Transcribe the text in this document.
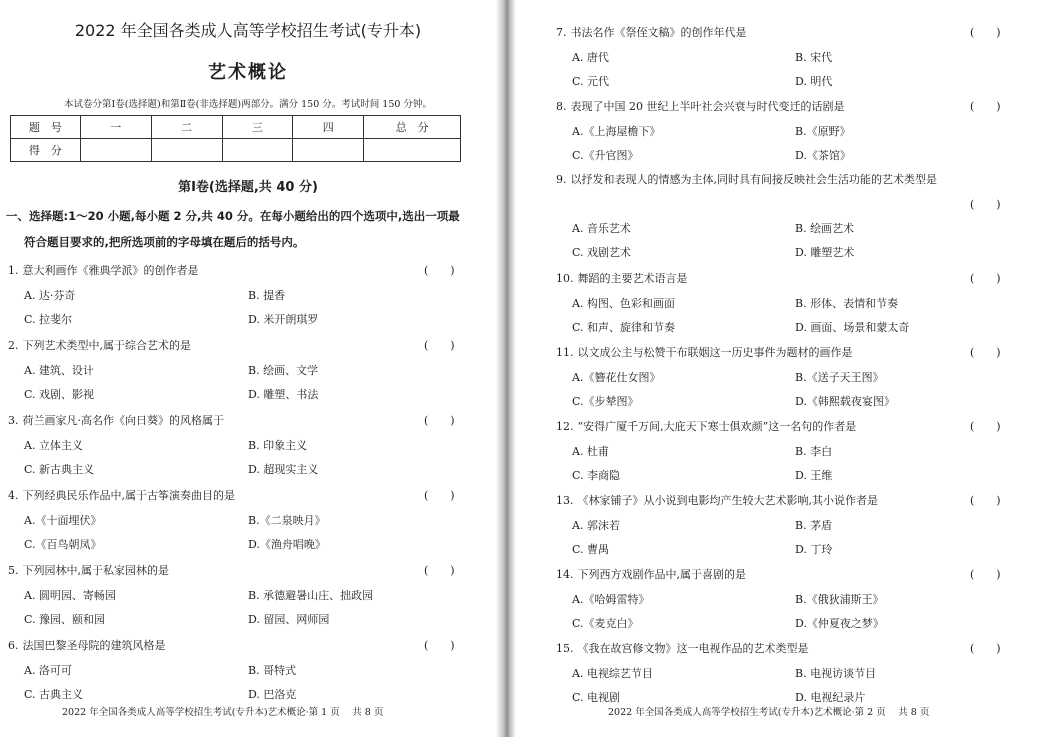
2022 年全国各类成人高等学校招生考试(专升本)
艺术概论
本试卷分第Ⅰ卷(选择题)和第Ⅱ卷(非选择题)两部分。满分 150 分。考试时间 150 分钟。
题　号	一	二	三	四	总　分
得　分					
第Ⅰ卷(选择题,共 40 分)
一、选择题:1～20 小题,每小题 2 分,共 40 分。在每小题给出的四个选项中,选出一项最
符合题目要求的,把所选项前的字母填在题后的括号内。
1. 意大利画作《雅典学派》的创作者是	(　　)
A. 达·芬奇	B. 提香
C. 拉斐尔	D. 米开朗琪罗
2. 下列艺术类型中,属于综合艺术的是	(　　)
A. 建筑、设计	B. 绘画、文学
C. 戏剧、影视	D. 雕塑、书法
3. 荷兰画家凡·高名作《向日葵》的风格属于	(　　)
A. 立体主义	B. 印象主义
C. 新古典主义	D. 超现实主义
4. 下列经典民乐作品中,属于古筝演奏曲目的是	(　　)
A.《十面埋伏》	B.《二泉映月》
C.《百鸟朝凤》	D.《渔舟唱晚》
5. 下列园林中,属于私家园林的是	(　　)
A. 圆明园、寄畅园	B. 承德避暑山庄、拙政园
C. 豫园、颐和园	D. 留园、网师园
6. 法国巴黎圣母院的建筑风格是	(　　)
A. 洛可可	B. 哥特式
C. 古典主义	D. 巴洛克
2022 年全国各类成人高等学校招生考试(专升本)艺术概论·第 1 页　 共 8 页
7. 书法名作《祭侄文稿》的创作年代是	(　　)
A. 唐代	B. 宋代
C. 元代	D. 明代
8. 表现了中国 20 世纪上半叶社会兴衰与时代变迁的话剧是	(　　)
A.《上海屋檐下》	B.《原野》
C.《升官图》	D.《茶馆》
9. 以抒发和表现人的情感为主体,同时具有间接反映社会生活功能的艺术类型是
(　　)
A. 音乐艺术	B. 绘画艺术
C. 戏剧艺术	D. 雕塑艺术
10. 舞蹈的主要艺术语言是	(　　)
A. 构图、色彩和画面	B. 形体、表情和节奏
C. 和声、旋律和节奏	D. 画面、场景和蒙太奇
11. 以文成公主与松赞干布联姻这一历史事件为题材的画作是	(　　)
A.《簪花仕女图》	B.《送子天王图》
C.《步辇图》	D.《韩熙载夜宴图》
12. “安得广厦千万间,大庇天下寒士俱欢颜”这一名句的作者是	(　　)
A. 杜甫	B. 李白
C. 李商隐	D. 王维
13. 《林家铺子》从小说到电影均产生较大艺术影响,其小说作者是	(　　)
A. 郭沫若	B. 茅盾
C. 曹禺	D. 丁玲
14. 下列西方戏剧作品中,属于喜剧的是	(　　)
A.《哈姆雷特》	B.《俄狄浦斯王》
C.《麦克白》	D.《仲夏夜之梦》
15. 《我在故宫修文物》这一电视作品的艺术类型是	(　　)
A. 电视综艺节目	B. 电视访谈节目
C. 电视剧	D. 电视纪录片
2022 年全国各类成人高等学校招生考试(专升本)艺术概论·第 2 页　 共 8 页
